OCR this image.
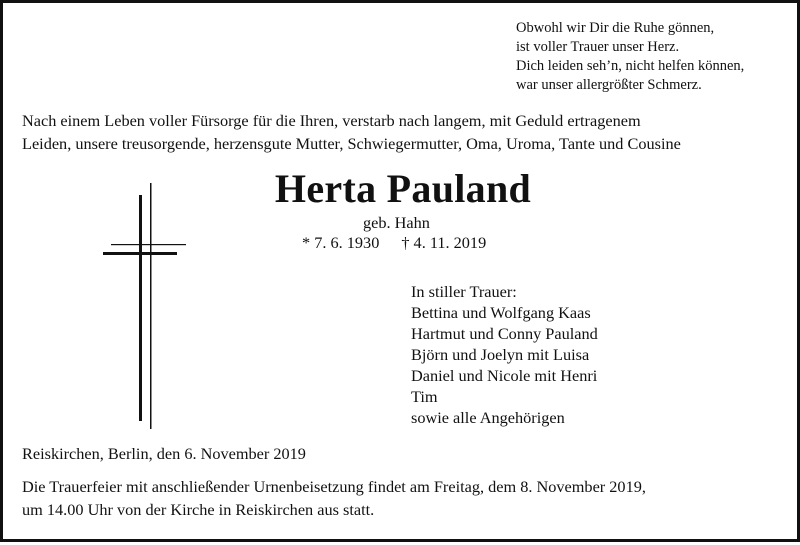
Obwohl wir Dir die Ruhe gönnen,
ist voller Trauer unser Herz.
Dich leiden seh’n, nicht helfen können,
war unser allergrößter Schmerz.
Nach einem Leben voller Fürsorge für die Ihren, verstarb nach langem, mit Geduld ertragenem
Leiden, unsere treusorgende, herzensgute Mutter, Schwiegermutter, Oma, Uroma, Tante und Cousine
Herta Pauland
geb. Hahn
* 7. 6. 1930 † 4. 11. 2019
In stiller Trauer:
Bettina und Wolfgang Kaas
Hartmut und Conny Pauland
Björn und Joelyn mit Luisa
Daniel und Nicole mit Henri
Tim
sowie alle Angehörigen
Reiskirchen, Berlin, den 6. November 2019
Die Trauerfeier mit anschließender Urnenbeisetzung findet am Freitag, dem 8. November 2019,
um 14.00 Uhr von der Kirche in Reiskirchen aus statt.
